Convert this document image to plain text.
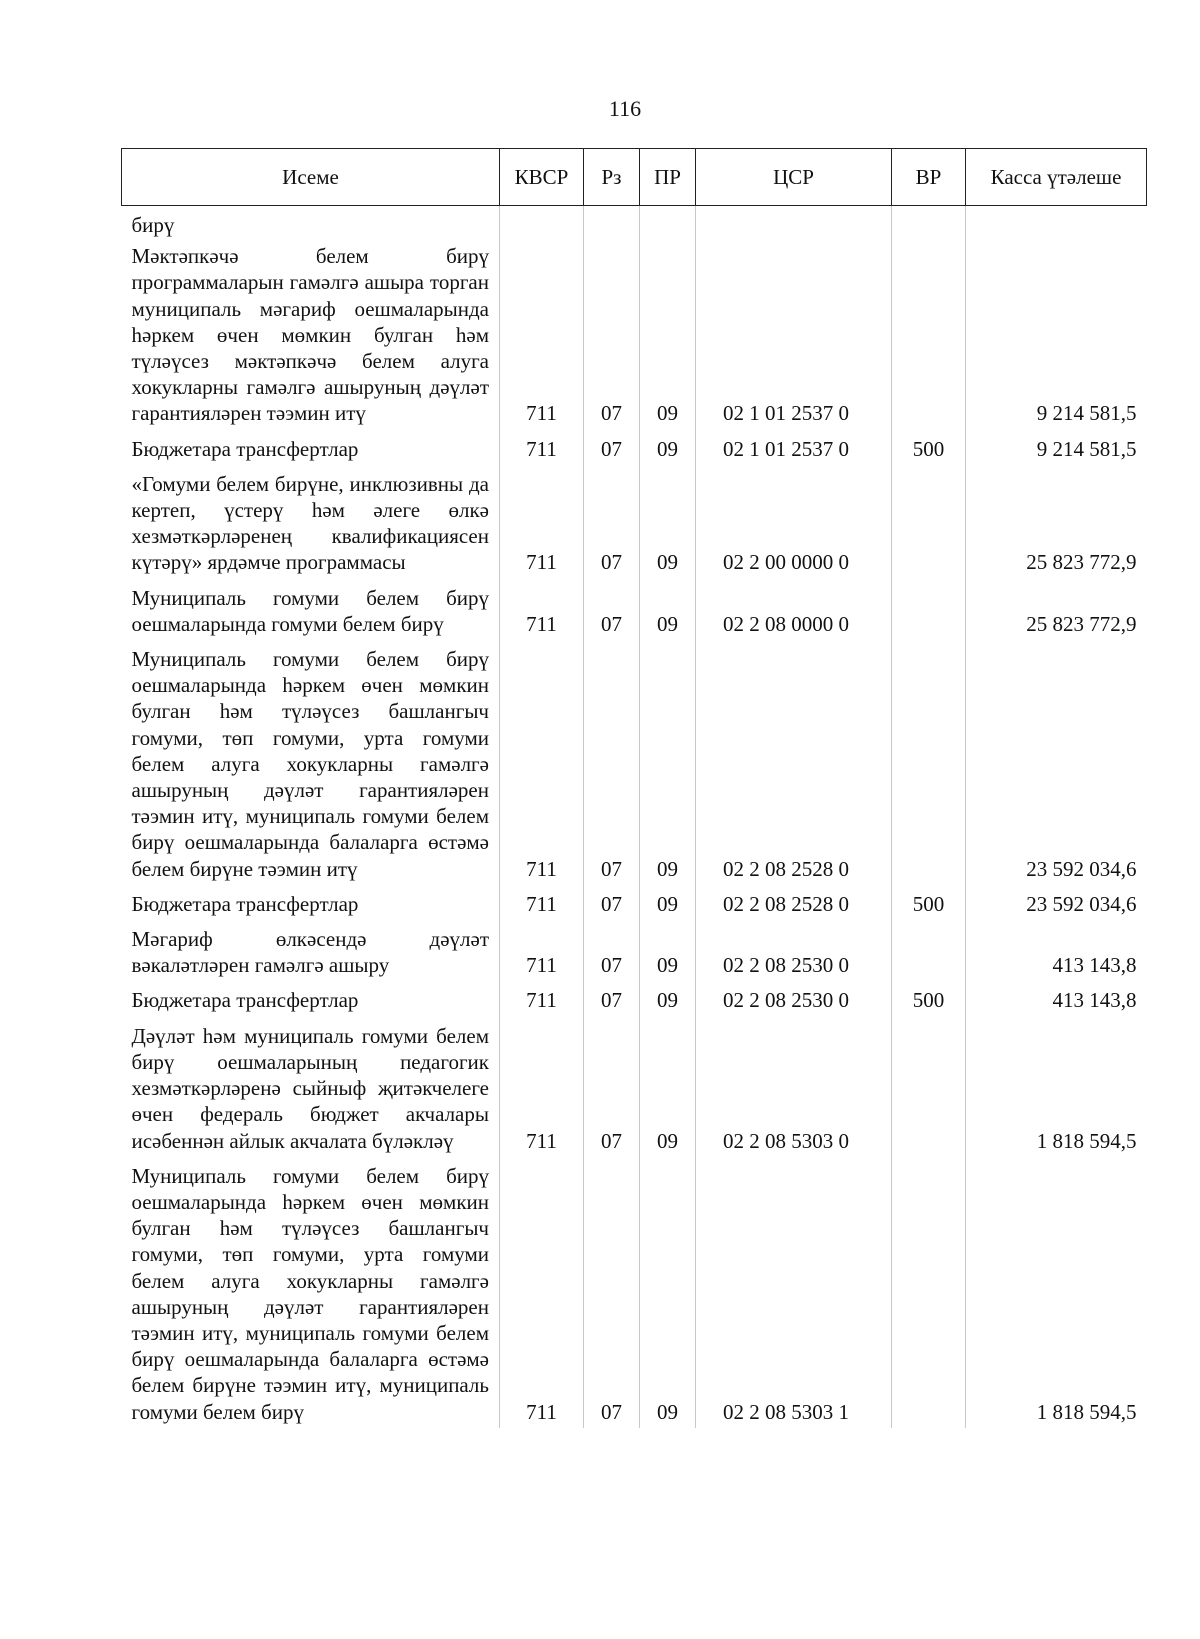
116
Исеме	КВСР	Рз	ПР	ЦСР	ВР	Касса үтәлеше
бирү						
Мәктәпкәчә белем бирү программаларын гамәлгә ашыра торган муниципаль мәгариф оешмаларында һәркем өчен мөмкин булган һәм түләүсез мәктәпкәчә белем алуга хокукларны гамәлгә ашыруның дәүләт гарантияләрен тәэмин итү	711	07	09	02 1 01 2537 0		9 214 581,5
Бюджетара трансфертлар	711	07	09	02 1 01 2537 0	500	9 214 581,5
«Гомуми белем бирүне, инклюзивны да кертеп, үстерү һәм әлеге өлкә хезмәткәрләренең квалификациясен күтәрү» ярдәмче программасы	711	07	09	02 2 00 0000 0		25 823 772,9
Муниципаль гомуми белем бирү оешмаларында гомуми белем бирү	711	07	09	02 2 08 0000 0		25 823 772,9
Муниципаль гомуми белем бирү оешмаларында һәркем өчен мөмкин булган һәм түләүсез башлангыч гомуми, төп гомуми, урта гомуми белем алуга хокукларны гамәлгә ашыруның дәүләт гарантияләрен тәэмин итү, муниципаль гомуми белем бирү оешмаларында балаларга өстәмә белем бирүне тәэмин итү	711	07	09	02 2 08 2528 0		23 592 034,6
Бюджетара трансфертлар	711	07	09	02 2 08 2528 0	500	23 592 034,6
Мәгариф өлкәсендә дәүләт вәкаләтләрен гамәлгә ашыру	711	07	09	02 2 08 2530 0		413 143,8
Бюджетара трансфертлар	711	07	09	02 2 08 2530 0	500	413 143,8
Дәүләт һәм муниципаль гомуми белем бирү оешмаларының педагогик хезмәткәрләренә сыйныф җитәкчелеге өчен федераль бюджет акчалары исәбеннән айлык акчалата бүләкләү	711	07	09	02 2 08 5303 0		1 818 594,5
Муниципаль гомуми белем бирү оешмаларында һәркем өчен мөмкин булган һәм түләүсез башлангыч гомуми, төп гомуми, урта гомуми белем алуга хокукларны гамәлгә ашыруның дәүләт гарантияләрен тәэмин итү, муниципаль гомуми белем бирү оешмаларында балаларга өстәмә белем бирүне тәэмин итү, муниципаль гомуми белем бирү	711	07	09	02 2 08 5303 1		1 818 594,5
